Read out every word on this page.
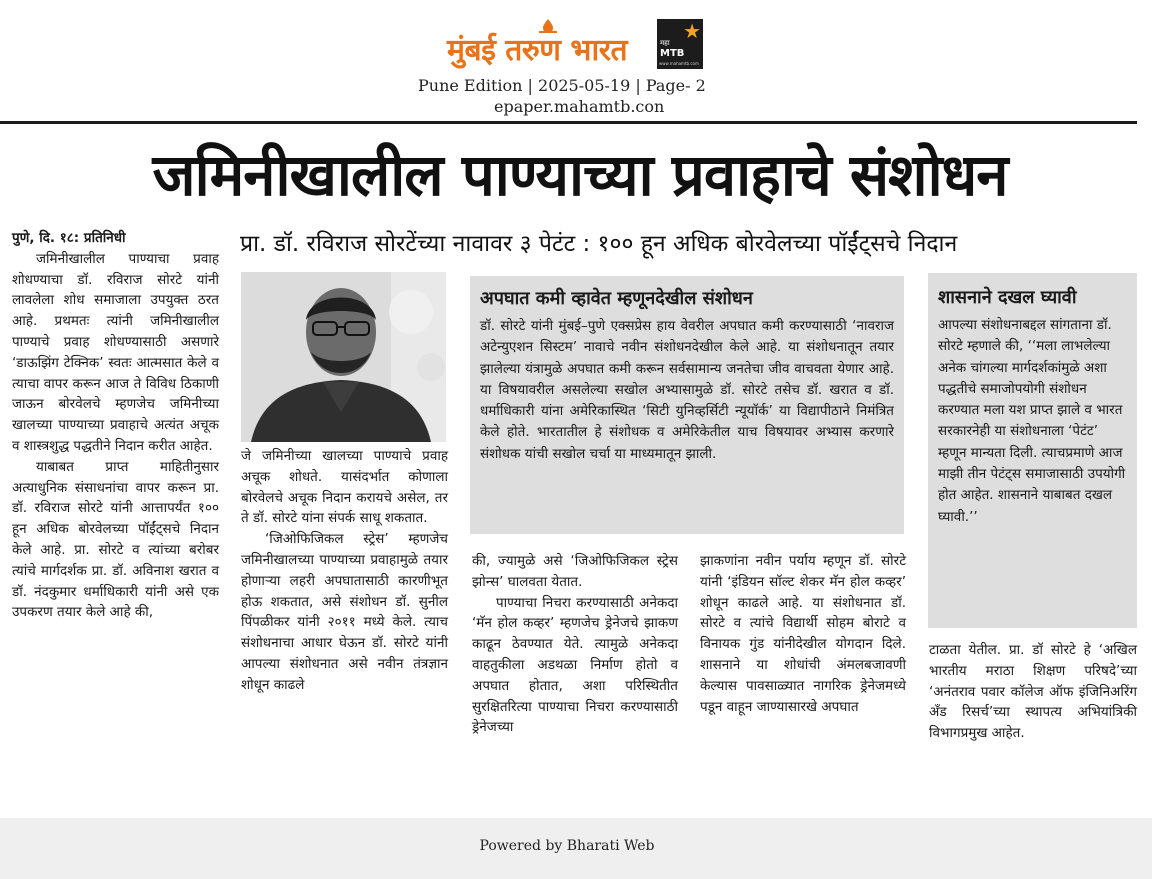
मुंबई तरुण भारत
★
महा
MTB
www.mahamtb.com
Pune Edition | 2025-05-19 | Page- 2
epaper.mahamtb.con
जमिनीखालील पाण्याच्या प्रवाहाचे संशोधन
पुणे, दि. १८: प्रतिनिधी
जमिनीखालील पाण्याचा प्रवाह शोधण्याचा डॉ. रविराज सोरटे यांनी लावलेला शोध समाजाला उपयुक्त ठरत आहे. प्रथमतः त्यांनी जमिनीखालील पाण्याचे प्रवाह शोधण्यासाठी असणारे ‘डाऊझिंग टेक्निक’ स्वतः आत्मसात केले व त्याचा वापर करून आज ते विविध ठिकाणी जाऊन बोरवेलचे म्हणजेच जमिनीच्या खालच्या पाण्याच्या प्रवाहाचे अत्यंत अचूक व शास्त्रशुद्ध पद्धतीने निदान करीत आहेत.
याबाबत प्राप्त माहितीनुसार अत्याधुनिक संसाधनांचा वापर करून प्रा. डॉ. रविराज सोरटे यांनी आत्तापर्यंत १०० हून अधिक बोरवेलच्या पॉईंट्सचे निदान केले आहे. प्रा. सोरटे व त्यांच्या बरोबर त्यांचे मार्गदर्शक प्रा. डॉ. अविनाश खरात व डॉ. नंदकुमार धर्माधिकारी यांनी असे एक उपकरण तयार केले आहे की,
प्रा. डॉ. रविराज सोरटेंच्या नावावर ३ पेटंट : १०० हून अधिक बोरवेलच्या पॉईंट्सचे निदान
जे जमिनीच्या खालच्या पाण्याचे प्रवाह अचूक शोधते. यासंदर्भात कोणाला बोरवेलचे अचूक निदान करायचे असेल, तर ते डॉ. सोरटे यांना संपर्क साधू शकतात.
‘जिओफिजिकल स्ट्रेस’ म्हणजेच जमिनीखालच्या पाण्याच्या प्रवाहामुळे तयार होणाऱ्या लहरी अपघातासाठी कारणीभूत होऊ शकतात, असे संशोधन डॉ. सुनील पिंपळीकर यांनी २०११ मध्ये केले. त्याच संशोधनाचा आधार घेऊन डॉ. सोरटे यांनी आपल्या संशोधनात असे नवीन तंत्रज्ञान शोधून काढले
अपघात कमी व्हावेत म्हणूनदेखील संशोधन
डॉ. सोरटे यांनी मुंबई–पुणे एक्सप्रेस हाय वेवरील अपघात कमी करण्यासाठी ‘नावराज अटेन्युएशन सिस्टम’ नावाचे नवीन संशोधनदेखील केले आहे. या संशोधनातून तयार झालेल्या यंत्रामुळे अपघात कमी करून सर्वसामान्य जनतेचा जीव वाचवता येणार आहे. या विषयावरील असलेल्या सखोल अभ्यासामुळे डॉ. सोरटे तसेच डॉ. खरात व डॉ. धर्माधिकारी यांना अमेरिकास्थित ‘सिटी युनिव्हर्सिटी न्यूयॉर्क’ या विद्यापीठाने निमंत्रित केले होते. भारतातील हे संशोधक व अमेरिकेतील याच विषयावर अभ्यास करणारे संशोधक यांची सखोल चर्चा या माध्यमातून झाली.
की, ज्यामुळे असे ‘जिओफिजिकल स्ट्रेस झोन्स’ घालवता येतात.
पाण्याचा निचरा करण्यासाठी अनेकदा ‘मॅन होल कव्हर’ म्हणजेच ड्रेनेजचे झाकण काढून ठेवण्यात येते. त्यामुळे अनेकदा वाहतुकीला अडथळा निर्माण होतो व अपघात होतात, अशा परिस्थितीत सुरक्षितरित्या पाण्याचा निचरा करण्यासाठी ड्रेनेजच्या
झाकणांना नवीन पर्याय म्हणून डॉ. सोरटे यांनी ‘इंडियन सॉल्ट शेकर मॅन होल कव्हर’ शोधून काढले आहे. या संशोधनात डॉ. सोरटे व त्यांचे विद्यार्थी सोहम बोराटे व विनायक गुंड यांनीदेखील योगदान दिले. शासनाने या शोधांची अंमलबजावणी केल्यास पावसाळ्यात नागरिक ड्रेनेजमध्ये पडून वाहून जाण्यासारखे अपघात
शासनाने दखल घ्यावी
आपल्या संशोधनाबद्दल सांगताना डॉ. सोरटे म्हणाले की, ‘‘मला लाभलेल्या अनेक चांगल्या मार्गदर्शकांमुळे अशा पद्धतीचे समाजोपयोगी संशोधन करण्यात मला यश प्राप्त झाले व भारत सरकारनेही या संशोधनाला ‘पेटंट’ म्हणून मान्यता दिली. त्याचप्रमाणे आज माझी तीन पेटंट्स समाजासाठी उपयोगी होत आहेत. शासनाने याबाबत दखल घ्यावी.’’
टाळता येतील. प्रा. डॉ सोरटे हे ‘अखिल भारतीय मराठा शिक्षण परिषदे’च्या ‘अनंतराव पवार कॉलेज ऑफ इंजिनिअरिंग अँड रिसर्च’च्या स्थापत्य अभियांत्रिकी विभागप्रमुख आहेत.
Powered by Bharati Web
